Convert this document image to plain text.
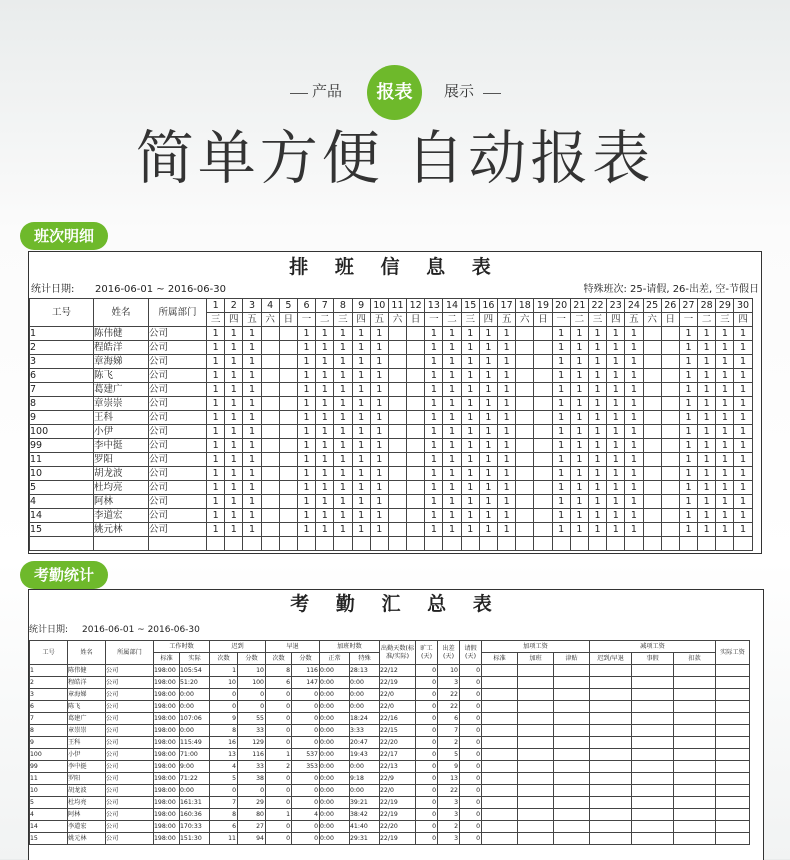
产品	报表	展示
简单方便 自动报表
班次明细
排 班 信 息 表
统计日期: 2016-06-01 ~ 2016-06-30	特殊班次: 25-请假, 26-出差, 空-节假日
工号	姓名	所属部门	1	2	3	4	5	6	7	8	9	10	11	12	13	14	15	16	17	18	19	20	21	22	23	24	25	26	27	28	29	30
			三	四	五	六	日	一	二	三	四	五	六	日	一	二	三	四	五	六	日	一	二	三	四	五	六	日	一	二	三	四
1	陈伟健	公司	1	1	1			1	1	1	1	1			1	1	1	1	1			1	1	1	1	1			1	1	1	1
2	程皓洋	公司	1	1	1			1	1	1	1	1			1	1	1	1	1			1	1	1	1	1			1	1	1	1
3	章海娣	公司	1	1	1			1	1	1	1	1			1	1	1	1	1			1	1	1	1	1			1	1	1	1
6	陈飞	公司	1	1	1			1	1	1	1	1			1	1	1	1	1			1	1	1	1	1			1	1	1	1
7	葛建广	公司	1	1	1			1	1	1	1	1			1	1	1	1	1			1	1	1	1	1			1	1	1	1
8	章崇崇	公司	1	1	1			1	1	1	1	1			1	1	1	1	1			1	1	1	1	1			1	1	1	1
9	王科	公司	1	1	1			1	1	1	1	1			1	1	1	1	1			1	1	1	1	1			1	1	1	1
100	小伊	公司	1	1	1			1	1	1	1	1			1	1	1	1	1			1	1	1	1	1			1	1	1	1
99	李中挺	公司	1	1	1			1	1	1	1	1			1	1	1	1	1			1	1	1	1	1			1	1	1	1
11	罗阳	公司	1	1	1			1	1	1	1	1			1	1	1	1	1			1	1	1	1	1			1	1	1	1
10	胡龙波	公司	1	1	1			1	1	1	1	1			1	1	1	1	1			1	1	1	1	1			1	1	1	1
5	杜均亮	公司	1	1	1			1	1	1	1	1			1	1	1	1	1			1	1	1	1	1			1	1	1	1
4	阿林	公司	1	1	1			1	1	1	1	1			1	1	1	1	1			1	1	1	1	1			1	1	1	1
14	李道宏	公司	1	1	1			1	1	1	1	1			1	1	1	1	1			1	1	1	1	1			1	1	1	1
15	姚元林	公司	1	1	1			1	1	1	1	1			1	1	1	1	1			1	1	1	1	1			1	1	1	1

考勤统计
考 勤 汇 总 表
统计日期: 2016-06-01 ~ 2016-06-30
工号	姓名	所属部门	工作时数		迟到		早退		加班时数		出勤天数(标准/实际)	旷工(天)	出差(天)	请假(天)	加项工资			减项工资			实际工资
			标准	实际	次数	分数	次数	分数	正常	特殊					标准	加班	津贴	迟到/早退	事假	扣款	
1	陈伟健	公司	198:00	105:54	1	10	8	116	0:00	28:13	22/12	0	10	0							
2	程皓洋	公司	198:00	51:20	10	100	6	147	0:00	0:00	22/19	0	3	0							
3	章海娣	公司	198:00	0:00	0	0	0	0	0:00	0:00	22/0	0	22	0							
6	陈飞	公司	198:00	0:00	0	0	0	0	0:00	0:00	22/0	0	22	0							
7	葛建广	公司	198:00	107:06	9	55	0	0	0:00	18:24	22/16	0	6	0							
8	章崇崇	公司	198:00	0:00	8	33	0	0	0:00	3:33	22/15	0	7	0							
9	王科	公司	198:00	115:49	16	129	0	0	0:00	20:47	22/20	0	2	0							
100	小伊	公司	198:00	71:00	13	116	1	537	0:00	19:43	22/17	0	5	0							
99	李中挺	公司	198:00	9:00	4	33	2	353	0:00	0:00	22/13	0	9	0							
11	罗阳	公司	198:00	71:22	5	38	0	0	0:00	9:18	22/9	0	13	0							
10	胡龙波	公司	198:00	0:00	0	0	0	0	0:00	0:00	22/0	0	22	0							
5	杜均亮	公司	198:00	161:31	7	29	0	0	0:00	39:21	22/19	0	3	0							
4	阿林	公司	198:00	160:36	8	80	1	4	0:00	38:42	22/19	0	3	0							
14	李道宏	公司	198:00	170:33	6	27	0	0	0:00	41:40	22/20	0	2	0							
15	姚元林	公司	198:00	151:30	11	94	0	0	0:00	29:31	22/19	0	3	0							
